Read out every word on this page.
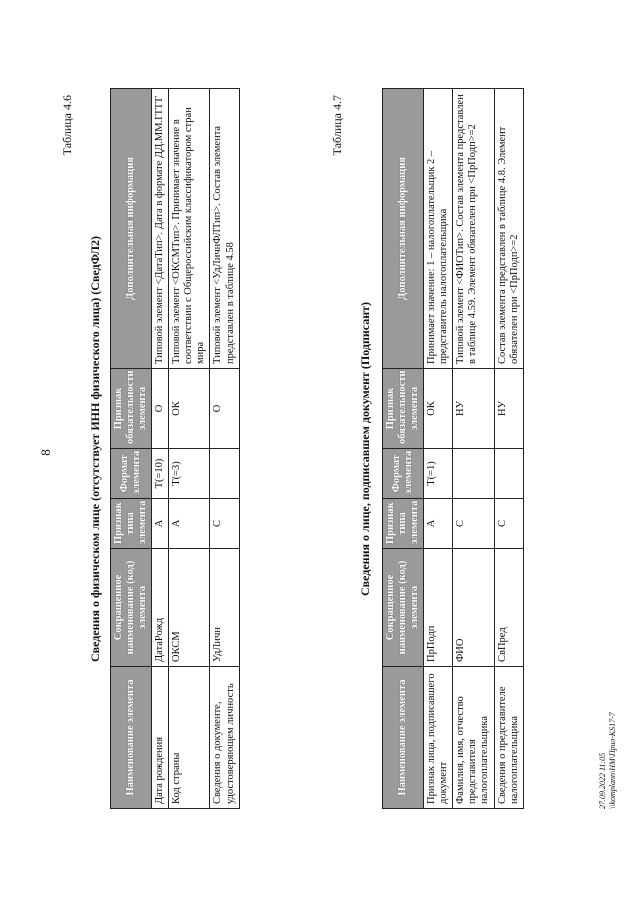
8
Таблица 4.6
Сведения о физическом лице (отсутствует ИНН физического лица) (СведФЛ2)
Наименование элемента	Сокращенное наименование (код) элемента	Признак типа элемента	Формат элемента	Признак обязательности элемента	Дополнительная информация
Дата рождения	ДатаРожд	А	T(=10)	О	Типовой элемент <ДатаТип>. Дата в формате ДД.ММ.ГГГГ
Код страны	ОКСМ	А	T(=3)	ОК	Типовой элемент <ОКСМТип>. Принимает значение в соответствии с Общероссийским классификатором стран мира
Сведения о документе, удостоверяющем личность	УдЛичн	С		О	Типовой элемент <УдЛичнФЛТип>. Состав элемента представлен в таблице 4.58
Таблица 4.7
Сведения о лице, подписавшем документ (Подписант)
Наименование элемента	Сокращенное наименование (код) элемента	Признак типа элемента	Формат элемента	Признак обязательности элемента	Дополнительная информация
Признак лица, подписавшего документ	ПрПодп	А	T(=1)	ОК	Принимает значение: 1 – налогоплательщик 2 – представитель налогоплательщика
Фамилия, имя, отчество представителя налогоплательщика	ФИО	С		НУ	Типовой элемент <ФИОТип>. Состав элемента представлен в таблице 4.59. Элемент обязателен при <ПрПодп>=2
Сведения о представителе налогоплательщика	СвПред	С		НУ	Состав элемента представлен в таблице 4.8. Элемент обязателен при <ПрПодп>=2
27.09.2022 11:05 \\komplann\НМ\Прил-KS17-7
